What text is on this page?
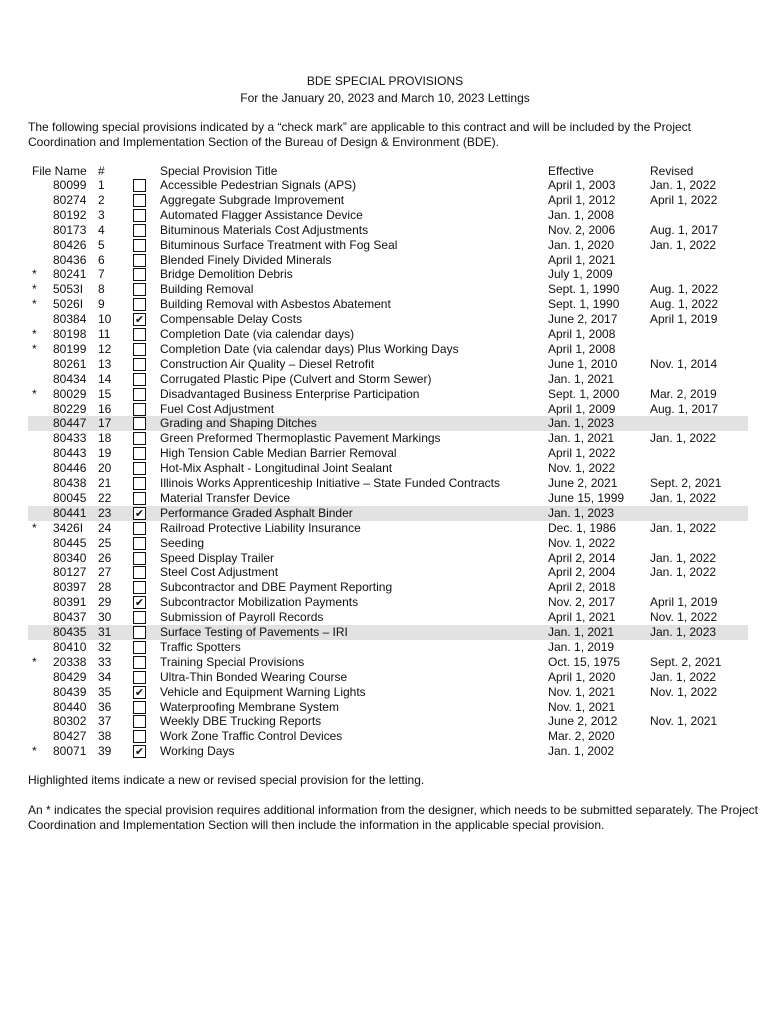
BDE SPECIAL PROVISIONS
For the January 20, 2023 and March 10, 2023 Lettings
The following special provisions indicated by a “check mark” are applicable to this contract and will be included by the Project Coordination and Implementation Section of the Bureau of Design & Environment (BDE).
File Name #	Special Provision Title	Effective	Revised
80099 1	Accessible Pedestrian Signals (APS)	April 1, 2003	Jan. 1, 2022
80274 2	Aggregate Subgrade Improvement	April 1, 2012	April 1, 2022
80192 3	Automated Flagger Assistance Device	Jan. 1, 2008
80173 4	Bituminous Materials Cost Adjustments	Nov. 2, 2006	Aug. 1, 2017
80426 5	Bituminous Surface Treatment with Fog Seal	Jan. 1, 2020	Jan. 1, 2022
80436 6	Blended Finely Divided Minerals	April 1, 2021
* 80241 7	Bridge Demolition Debris	July 1, 2009
* 5053I 8	Building Removal	Sept. 1, 1990	Aug. 1, 2022
* 5026I 9	Building Removal with Asbestos Abatement	Sept. 1, 1990	Aug. 1, 2022
80384 10 ✔ Compensable Delay Costs	June 2, 2017	April 1, 2019
* 80198 11	Completion Date (via calendar days)	April 1, 2008
* 80199 12	Completion Date (via calendar days) Plus Working Days	April 1, 2008
80261 13	Construction Air Quality – Diesel Retrofit	June 1, 2010	Nov. 1, 2014
80434 14	Corrugated Plastic Pipe (Culvert and Storm Sewer)	Jan. 1, 2021
* 80029 15	Disadvantaged Business Enterprise Participation	Sept. 1, 2000	Mar. 2, 2019
80229 16	Fuel Cost Adjustment	April 1, 2009	Aug. 1, 2017
80447 17	Grading and Shaping Ditches	Jan. 1, 2023
80433 18	Green Preformed Thermoplastic Pavement Markings	Jan. 1, 2021	Jan. 1, 2022
80443 19	High Tension Cable Median Barrier Removal	April 1, 2022
80446 20	Hot-Mix Asphalt - Longitudinal Joint Sealant	Nov. 1, 2022
80438 21	Illinois Works Apprenticeship Initiative – State Funded Contracts	June 2, 2021	Sept. 2, 2021
80045 22	Material Transfer Device	June 15, 1999 Jan. 1, 2022
80441 23 ✔ Performance Graded Asphalt Binder	Jan. 1, 2023
* 3426I 24	Railroad Protective Liability Insurance	Dec. 1, 1986	Jan. 1, 2022
80445 25	Seeding	Nov. 1, 2022
80340 26	Speed Display Trailer	April 2, 2014	Jan. 1, 2022
80127 27	Steel Cost Adjustment	April 2, 2004	Jan. 1, 2022
80397 28	Subcontractor and DBE Payment Reporting	April 2, 2018
80391 29 ✔ Subcontractor Mobilization Payments	Nov. 2, 2017	April 1, 2019
80437 30	Submission of Payroll Records	April 1, 2021	Nov. 1, 2022
80435 31	Surface Testing of Pavements – IRI	Jan. 1, 2021	Jan. 1, 2023
80410 32	Traffic Spotters	Jan. 1, 2019
* 20338 33	Training Special Provisions	Oct. 15, 1975 Sept. 2, 2021
80429 34	Ultra-Thin Bonded Wearing Course	April 1, 2020	Jan. 1, 2022
80439 35 ✔ Vehicle and Equipment Warning Lights	Nov. 1, 2021	Nov. 1, 2022
80440 36	Waterproofing Membrane System	Nov. 1, 2021
80302 37	Weekly DBE Trucking Reports	June 2, 2012	Nov. 1, 2021
80427 38	Work Zone Traffic Control Devices	Mar. 2, 2020
* 80071 39 ✔ Working Days	Jan. 1, 2002
Highlighted items indicate a new or revised special provision for the letting.
An * indicates the special provision requires additional information from the designer, which needs to be submitted separately. The Project Coordination and Implementation Section will then include the information in the applicable special provision.
